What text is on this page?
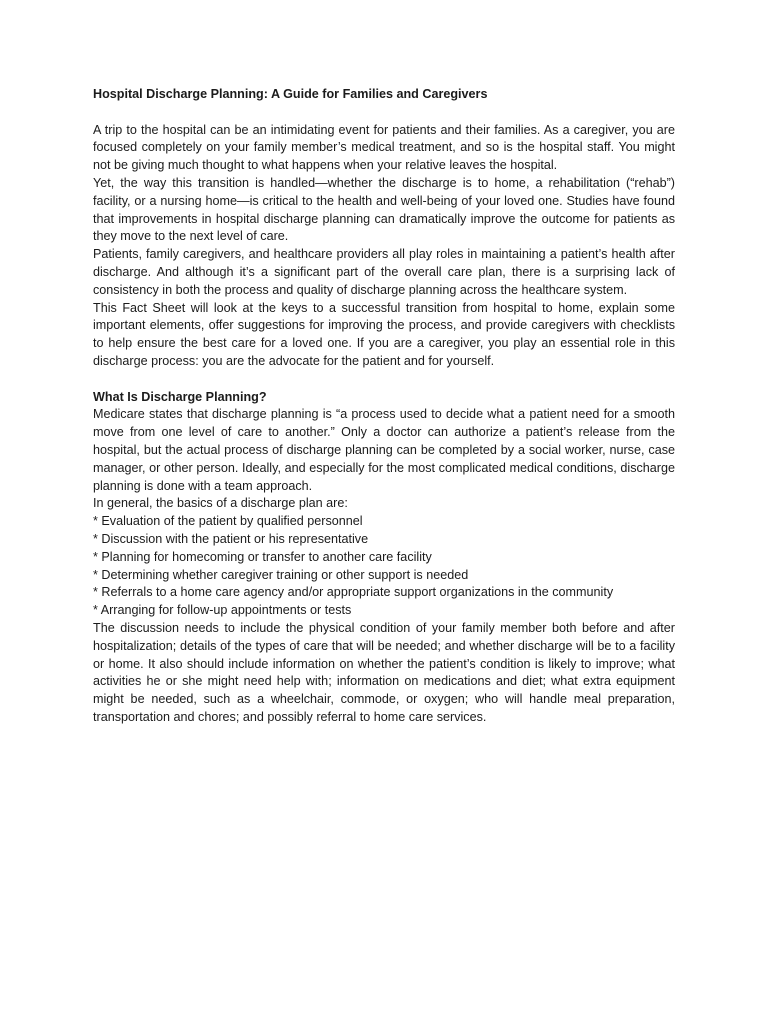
Hospital Discharge Planning: A Guide for Families and Caregivers

A trip to the hospital can be an intimidating event for patients and their families. As a caregiver, you are focused completely on your family member’s medical treatment, and so is the hospital staff. You might not be giving much thought to what happens when your relative leaves the hospital.

Yet, the way this transition is handled—whether the discharge is to home, a rehabilitation (“rehab”) facility, or a nursing home—is critical to the health and well-being of your loved one. Studies have found that improvements in hospital discharge planning can dramatically improve the outcome for patients as they move to the next level of care.

Patients, family caregivers, and healthcare providers all play roles in maintaining a patient’s health after discharge. And although it’s a significant part of the overall care plan, there is a surprising lack of consistency in both the process and quality of discharge planning across the healthcare system.

This Fact Sheet will look at the keys to a successful transition from hospital to home, explain some important elements, offer suggestions for improving the process, and provide caregivers with checklists to help ensure the best care for a loved one. If you are a caregiver, you play an essential role in this discharge process: you are the advocate for the patient and for yourself.

What Is Discharge Planning?

Medicare states that discharge planning is “a process used to decide what a patient need for a smooth move from one level of care to another.” Only a doctor can authorize a patient’s release from the hospital, but the actual process of discharge planning can be completed by a social worker, nurse, case manager, or other person. Ideally, and especially for the most complicated medical conditions, discharge planning is done with a team approach.

In general, the basics of a discharge plan are:

* Evaluation of the patient by qualified personnel
* Discussion with the patient or his representative
* Planning for homecoming or transfer to another care facility
* Determining whether caregiver training or other support is needed
* Referrals to a home care agency and/or appropriate support organizations in the community
* Arranging for follow-up appointments or tests

The discussion needs to include the physical condition of your family member both before and after hospitalization; details of the types of care that will be needed; and whether discharge will be to a facility or home. It also should include information on whether the patient’s condition is likely to improve; what activities he or she might need help with; information on medications and diet; what extra equipment might be needed, such as a wheelchair, commode, or oxygen; who will handle meal preparation, transportation and chores; and possibly referral to home care services.
